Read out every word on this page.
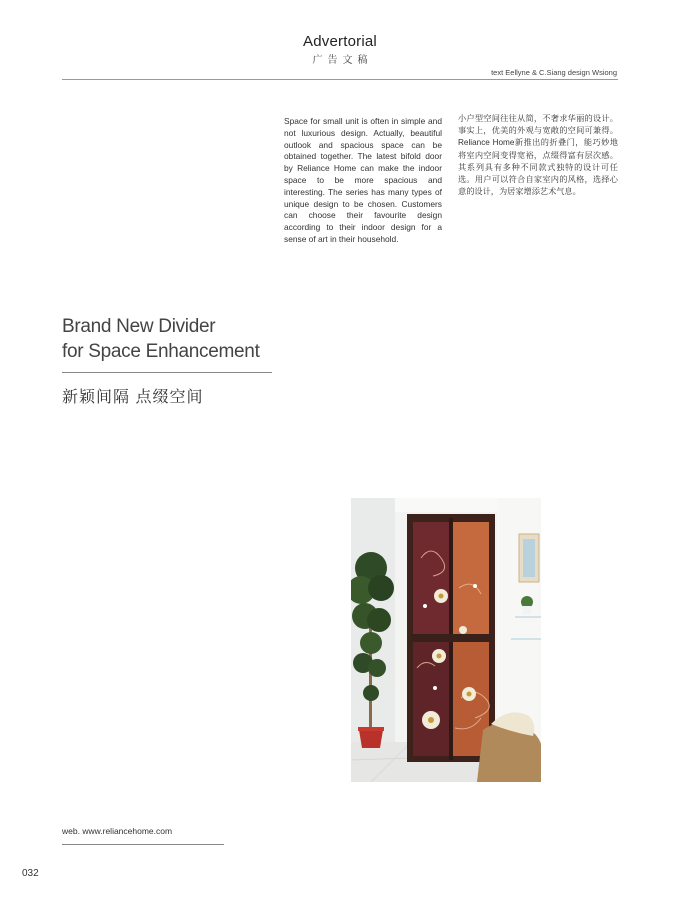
Advertorial
广告文稿
text Eellyne & C.Siang design Wsiong
Space for small unit is often in simple and not luxurious design. Actually, beautiful outlook and spacious space can be obtained together. The latest bifold door by Reliance Home can make the indoor space to be more spacious and interesting. The series has many types of unique design to be chosen. Customers can choose their favourite design according to their indoor design for a sense of art in their household.
小户型空间往往从简，不奢求华丽的设计。事实上，优美的外观与宽敞的空间可兼得。Reliance Home新推出的折叠门，能巧妙地将室内空间变得宽裕，点缀得富有层次感。其系列具有多种不同款式独特的设计可任选。用户可以符合自家室内的风格，选择心意的设计，为居家增添艺术气息。
Brand New Divider
for Space Enhancement
新颖间隔 点缀空间
web. www.reliancehome.com
032
